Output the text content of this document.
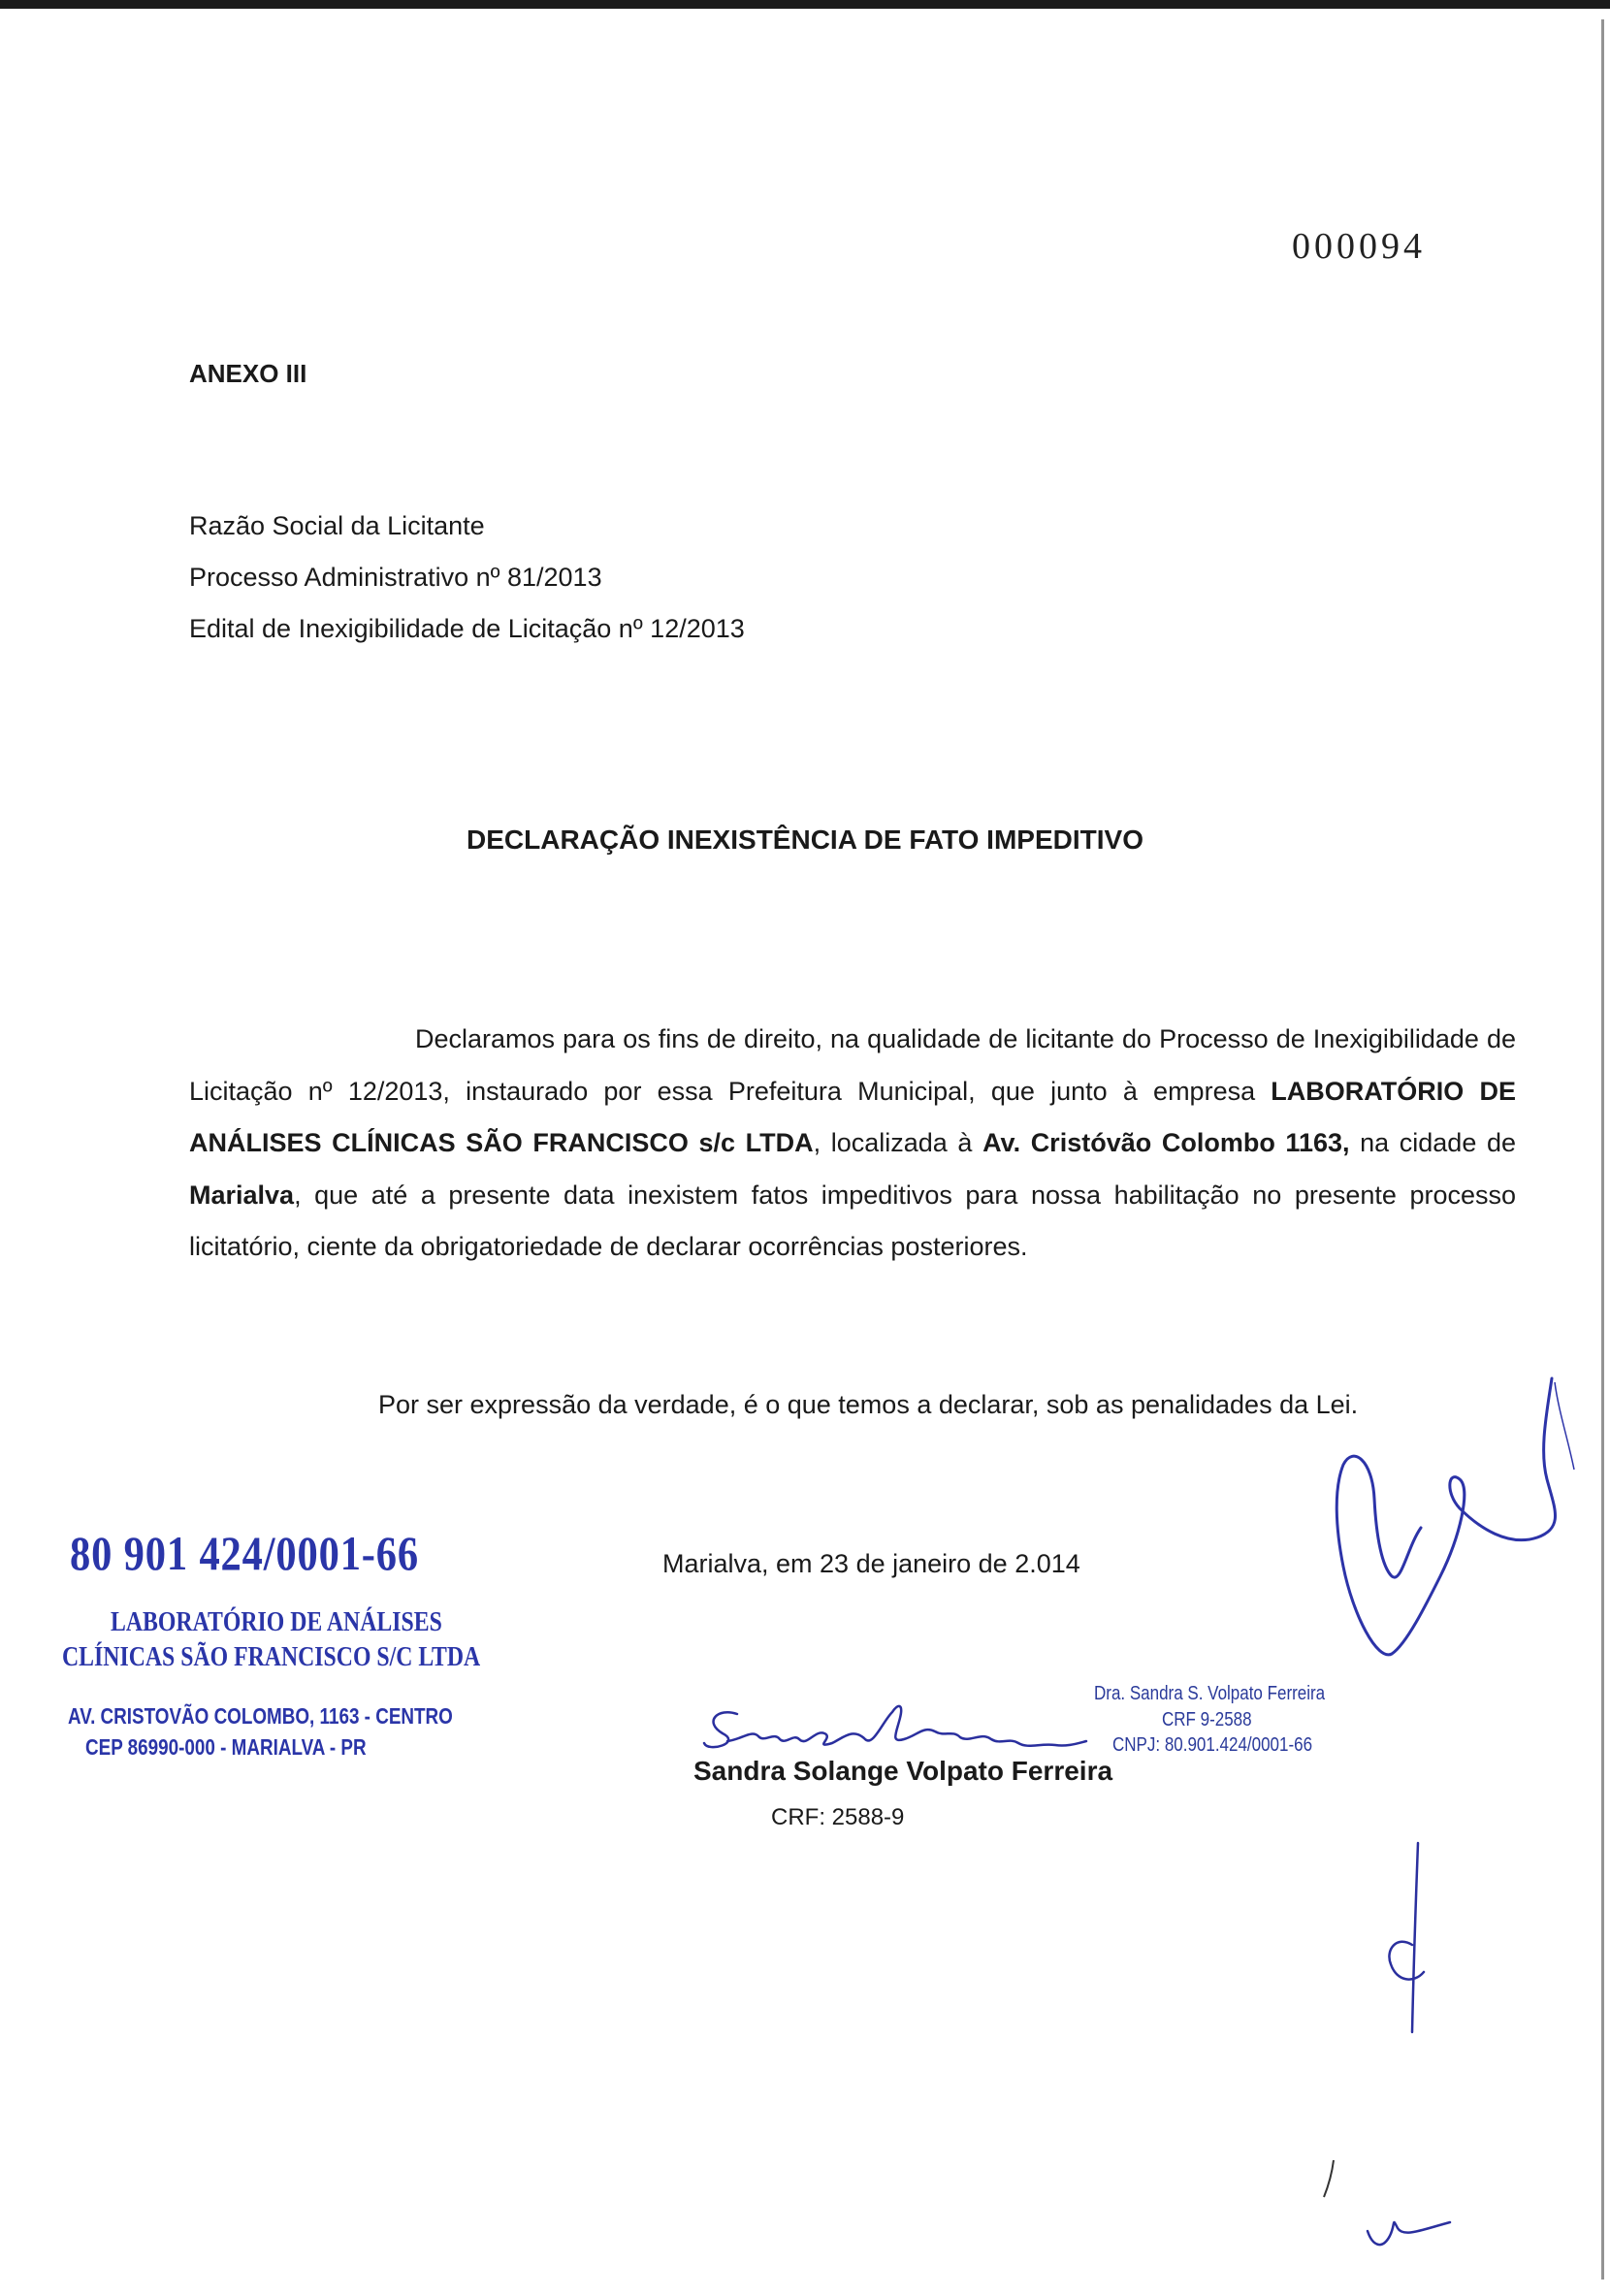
000094
ANEXO III
Razão Social da Licitante
Processo Administrativo nº 81/2013
Edital de Inexigibilidade de Licitação nº 12/2013
DECLARAÇÃO INEXISTÊNCIA DE FATO IMPEDITIVO
Declaramos para os fins de direito, na qualidade de licitante do Processo de Inexigibilidade de Licitação nº 12/2013, instaurado por essa Prefeitura Municipal, que junto à empresa LABORATÓRIO DE ANÁLISES CLÍNICAS SÃO FRANCISCO s/c LTDA, localizada à Av. Cristóvão Colombo 1163, na cidade de Marialva, que até a presente data inexistem fatos impeditivos para nossa habilitação no presente processo licitatório, ciente da obrigatoriedade de declarar ocorrências posteriores.
Por ser expressão da verdade, é o que temos a declarar, sob as penalidades da Lei.
Marialva, em 23 de janeiro de 2.014
80 901 424/0001-66
LABORATÓRIO DE ANÁLISES
CLÍNICAS SÃO FRANCISCO S/C LTDA
AV. CRISTOVÃO COLOMBO, 1163 - CENTRO
CEP 86990-000 - MARIALVA - PR
Dra. Sandra S. Volpato Ferreira
CRF 9-2588
CNPJ: 80.901.424/0001-66
Sandra Solange Volpato Ferreira
CRF: 2588-9
